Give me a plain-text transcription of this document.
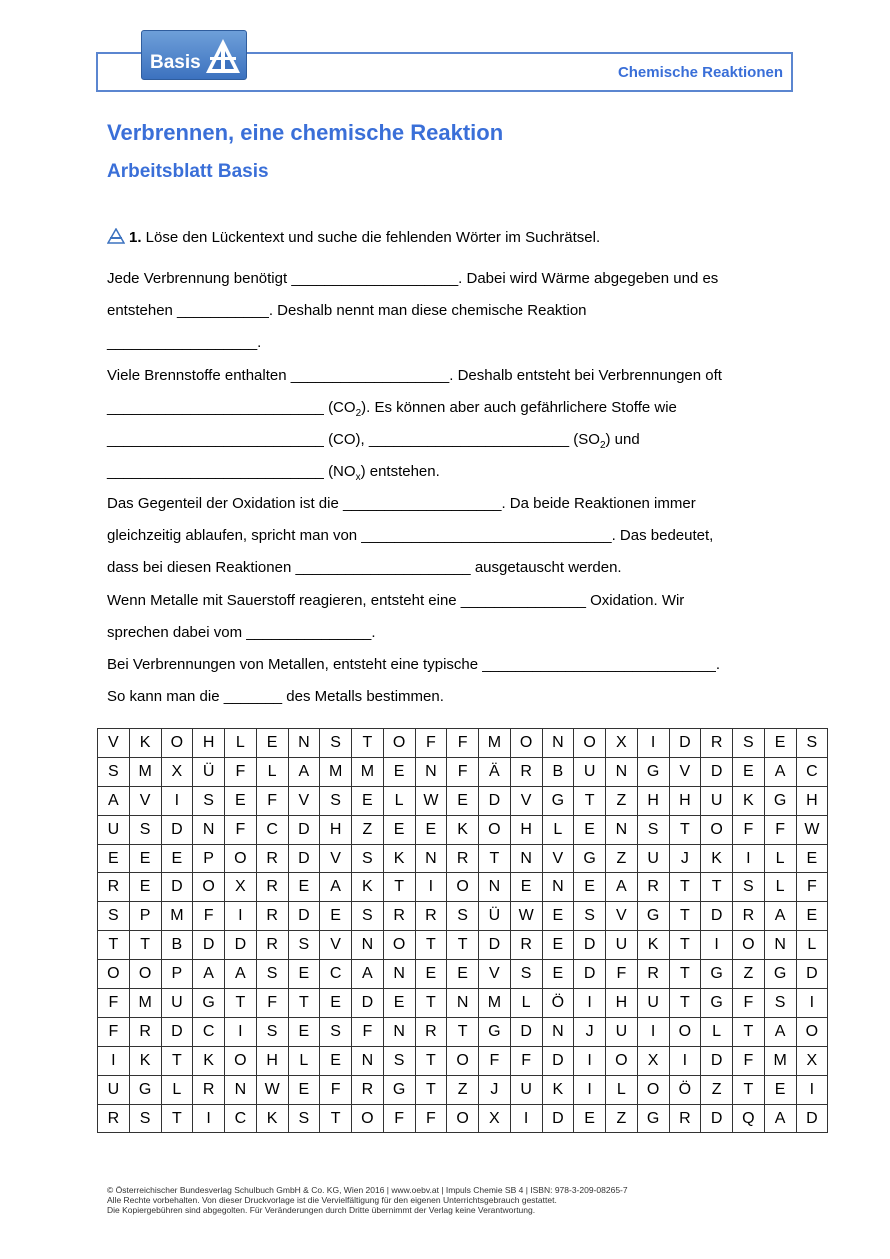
Chemische Reaktionen
Basis
Verbrennen, eine chemische Reaktion
Arbeitsblatt Basis
1. Löse den Lückentext und suche die fehlenden Wörter im Suchrätsel.
Jede Verbrennung benötigt ____________________. Dabei wird Wärme abgegeben und es
entstehen ___________. Deshalb nennt man diese chemische Reaktion
__________________.
Viele Brennstoffe enthalten ___________________. Deshalb entsteht bei Verbrennungen oft
__________________________ $(CO_2)$. Es können aber auch gefährlichere Stoffe wie
__________________________ (CO), ________________________ $(SO_2)$ und
__________________________ $(NO_x)$ entstehen.
Das Gegenteil der Oxidation ist die ___________________. Da beide Reaktionen immer
gleichzeitig ablaufen, spricht man von ______________________________. Das bedeutet,
dass bei diesen Reaktionen _____________________ ausgetauscht werden.
Wenn Metalle mit Sauerstoff reagieren, entsteht eine _______________ Oxidation. Wir
sprechen dabei vom _______________.
Bei Verbrennungen von Metallen, entsteht eine typische ____________________________.
So kann man die _______ des Metalls bestimmen.
V	K	O	H	L	E	N	S	T	O	F	F	M	O	N	O	X	I	D	R	S	E	S
S	M	X	Ü	F	L	A	M	M	E	N	F	Ä	R	B	U	N	G	V	D	E	A	C
A	V	I	S	E	F	V	S	E	L	W	E	D	V	G	T	Z	H	H	U	K	G	H
U	S	D	N	F	C	D	H	Z	E	E	K	O	H	L	E	N	S	T	O	F	F	W
E	E	E	P	O	R	D	V	S	K	N	R	T	N	V	G	Z	U	J	K	I	L	E
R	E	D	O	X	R	E	A	K	T	I	O	N	E	N	E	A	R	T	T	S	L	F
S	P	M	F	I	R	D	E	S	R	R	S	Ü	W	E	S	V	G	T	D	R	A	E
T	T	B	D	D	R	S	V	N	O	T	T	D	R	E	D	U	K	T	I	O	N	L
O	O	P	A	A	S	E	C	A	N	E	E	V	S	E	D	F	R	T	G	Z	G	D
F	M	U	G	T	F	T	E	D	E	T	N	M	L	Ö	I	H	U	T	G	F	S	I
F	R	D	C	I	S	E	S	F	N	R	T	G	D	N	J	U	I	O	L	T	A	O
I	K	T	K	O	H	L	E	N	S	T	O	F	F	D	I	O	X	I	D	F	M	X
U	G	L	R	N	W	E	F	R	G	T	Z	J	U	K	I	L	O	Ö	Z	T	E	I
R	S	T	I	C	K	S	T	O	F	F	O	X	I	D	E	Z	G	R	D	Q	A	D
© Österreichischer Bundesverlag Schulbuch GmbH & Co. KG, Wien 2016 | www.oebv.at | Impuls Chemie SB 4 | ISBN: 978-3-209-08265-7
Alle Rechte vorbehalten. Von dieser Druckvorlage ist die Vervielfältigung für den eigenen Unterrichtsgebrauch gestattet.
Die Kopiergebühren sind abgegolten. Für Veränderungen durch Dritte übernimmt der Verlag keine Verantwortung.
